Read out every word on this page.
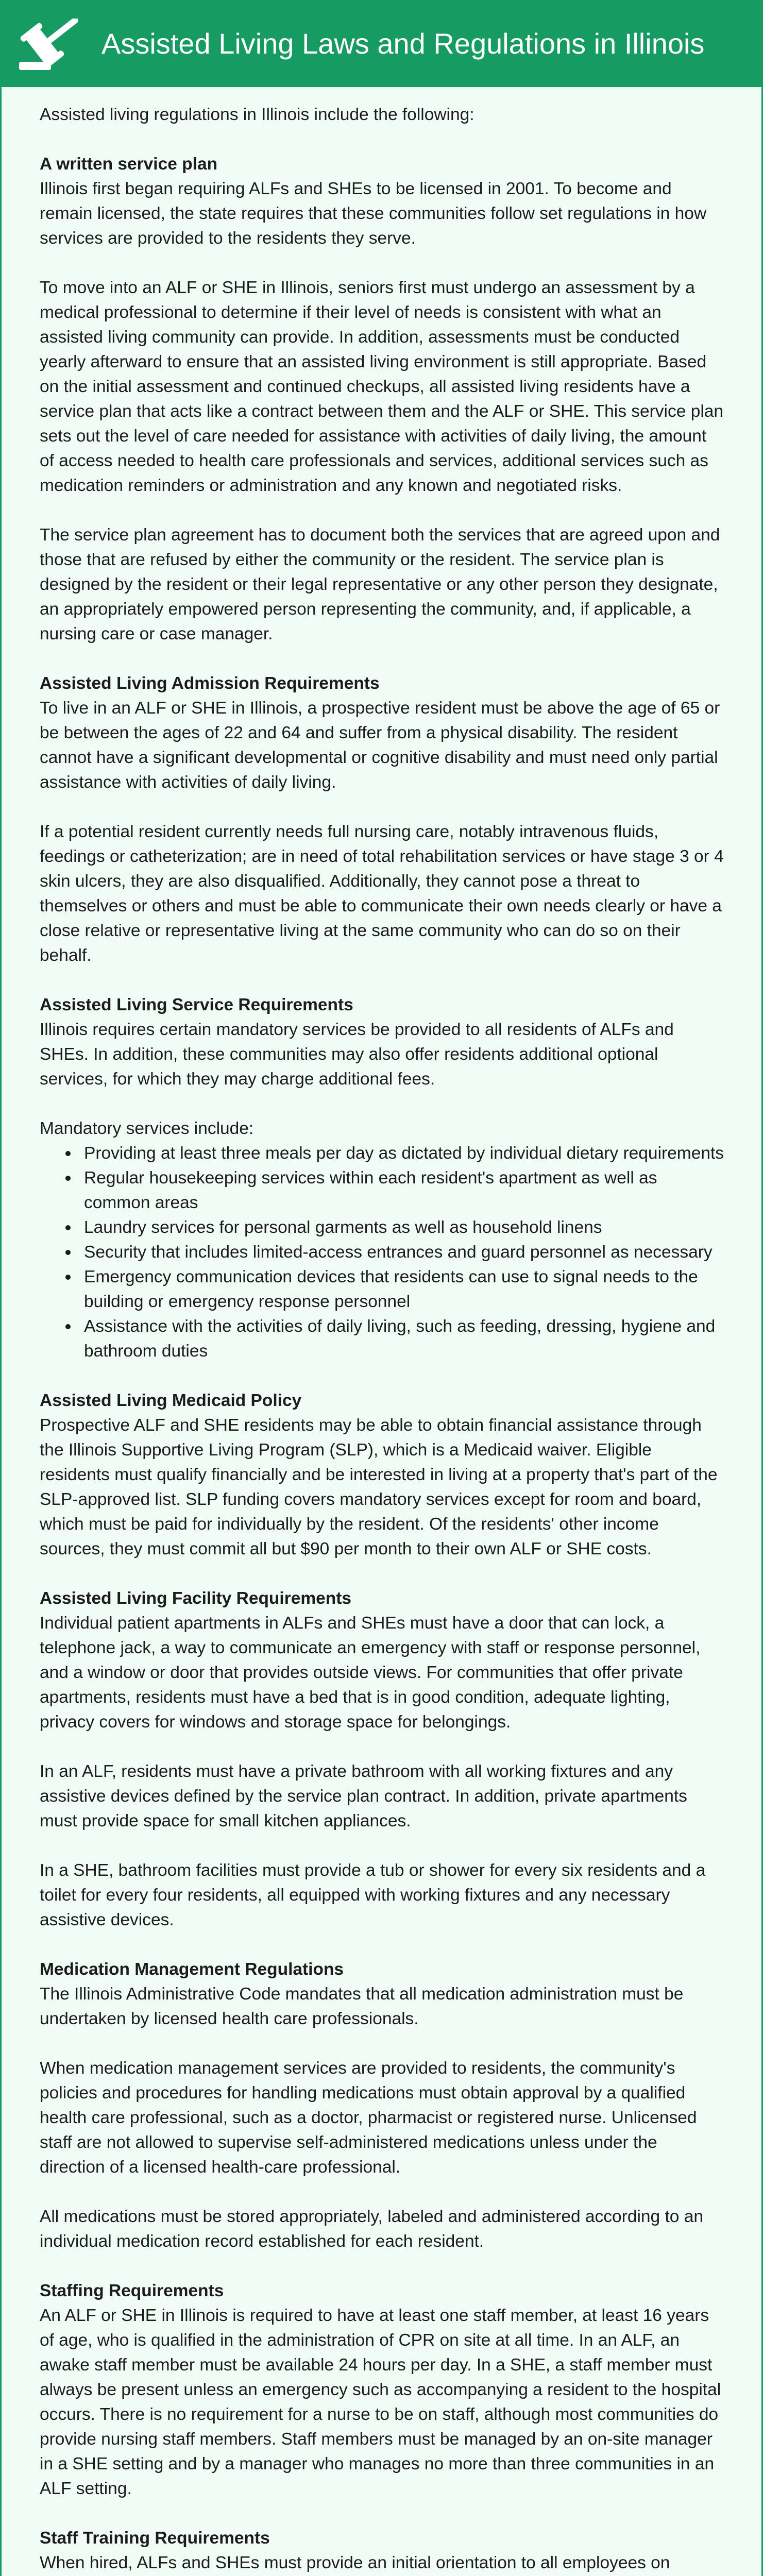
Assisted Living Laws and Regulations in Illinois

Assisted living regulations in Illinois include the following:

A written service plan

Illinois first began requiring ALFs and SHEs to be licensed in 2001. To become and remain licensed, the state requires that these communities follow set regulations in how services are provided to the residents they serve.

To move into an ALF or SHE in Illinois, seniors first must undergo an assessment by a medical professional to determine if their level of needs is consistent with what an assisted living community can provide. In addition, assessments must be conducted yearly afterward to ensure that an assisted living environment is still appropriate. Based on the initial assessment and continued checkups, all assisted living residents have a service plan that acts like a contract between them and the ALF or SHE. This service plan sets out the level of care needed for assistance with activities of daily living, the amount of access needed to health care professionals and services, additional services such as medication reminders or administration and any known and negotiated risks.

The service plan agreement has to document both the services that are agreed upon and those that are refused by either the community or the resident. The service plan is designed by the resident or their legal representative or any other person they designate, an appropriately empowered person representing the community, and, if applicable, a nursing care or case manager.

Assisted Living Admission Requirements

To live in an ALF or SHE in Illinois, a prospective resident must be above the age of 65 or be between the ages of 22 and 64 and suffer from a physical disability. The resident cannot have a significant developmental or cognitive disability and must need only partial assistance with activities of daily living.

If a potential resident currently needs full nursing care, notably intravenous fluids, feedings or catheterization; are in need of total rehabilitation services or have stage 3 or 4 skin ulcers, they are also disqualified. Additionally, they cannot pose a threat to themselves or others and must be able to communicate their own needs clearly or have a close relative or representative living at the same community who can do so on their behalf.

Assisted Living Service Requirements

Illinois requires certain mandatory services be provided to all residents of ALFs and SHEs. In addition, these communities may also offer residents additional optional services, for which they may charge additional fees.

Mandatory services include:

Providing at least three meals per day as dictated by individual dietary requirements
Regular housekeeping services within each resident's apartment as well as common areas
Laundry services for personal garments as well as household linens
Security that includes limited-access entrances and guard personnel as necessary
Emergency communication devices that residents can use to signal needs to the building or emergency response personnel
Assistance with the activities of daily living, such as feeding, dressing, hygiene and bathroom duties
Assisted Living Medicaid Policy

Prospective ALF and SHE residents may be able to obtain financial assistance through the Illinois Supportive Living Program (SLP), which is a Medicaid waiver. Eligible residents must qualify financially and be interested in living at a property that's part of the SLP-approved list. SLP funding covers mandatory services except for room and board, which must be paid for individually by the resident. Of the residents' other income sources, they must commit all but $90 per month to their own ALF or SHE costs.

Assisted Living Facility Requirements

Individual patient apartments in ALFs and SHEs must have a door that can lock, a telephone jack, a way to communicate an emergency with staff or response personnel, and a window or door that provides outside views. For communities that offer private apartments, residents must have a bed that is in good condition, adequate lighting, privacy covers for windows and storage space for belongings.

In an ALF, residents must have a private bathroom with all working fixtures and any assistive devices defined by the service plan contract. In addition, private apartments must provide space for small kitchen appliances.

In a SHE, bathroom facilities must provide a tub or shower for every six residents and a toilet for every four residents, all equipped with working fixtures and any necessary assistive devices.

Medication Management Regulations

The Illinois Administrative Code mandates that all medication administration must be undertaken by licensed health care professionals.

When medication management services are provided to residents, the community's policies and procedures for handling medications must obtain approval by a qualified health care professional, such as a doctor, pharmacist or registered nurse. Unlicensed staff are not allowed to supervise self-administered medications unless under the direction of a licensed health-care professional.

All medications must be stored appropriately, labeled and administered according to an individual medication record established for each resident.

Staffing Requirements

An ALF or SHE in Illinois is required to have at least one staff member, at least 16 years of age, who is qualified in the administration of CPR on site at all time. In an ALF, an awake staff member must be available 24 hours per day. In a SHE, a staff member must always be present unless an emergency such as accompanying a resident to the hospital occurs. There is no requirement for a nurse to be on staff, although most communities do provide nursing staff members. Staff members must be managed by an on-site manager in a SHE setting and by a manager who manages no more than three communities in an ALF setting.

Staff Training Requirements

When hired, ALFs and SHEs must provide an initial orientation to all employees on
